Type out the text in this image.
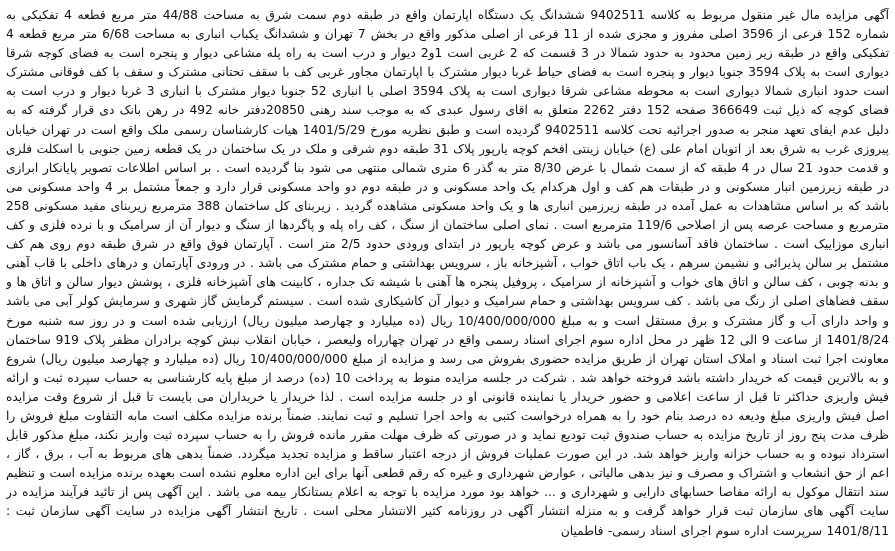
آگهی مزایده مال غیر منقول مربوط به کلاسه 9402511 ششدانگ یک دستگاه اپارتمان واقع در طبقه دوم سمت شرق به مساحت 44/88 متر مربع قطعه 4 تفکیکی به شماره 152 فرعی از 3596 اصلی مفروز و مجزی شده از 11 فرعی از اصلی مذکور واقع در بخش 7 تهران و ششدانگ یکباب انباری به مساحت 6/68 متر مربع قطعه 4 تفکیکی واقع در طبقه زیر زمین محدود به حدود شمالا در 3 قسمت که 2 غربی است 1و2 دیوار و درب است به راه پله مشاعی دیوار و پنجره است به فضای کوچه شرقا دیواری است به پلاک 3594 جنوبا دیوار و پنجره است به فضای حیاط غربا دیوار مشترک با اپارتمان مجاور غربی کف با سقف تحتانی مشترک و سقف با کف فوقانی مشترک است حدود انباری شمالا دیواری است به محوطه مشاعی شرقا دیواری است به پلاک 3594 اصلی با انباری 52 جنوبا دیوار مشترک با انباری 3 غربا دیوار و درب است به فضای کوچه که ذیل ثبت 366649 صفحه 152 دفتر 2262 متعلق به اقای رسول عبدی که به موجب سند رهنی 20850دفتر خانه 492 در رهن بانک دی قرار گرفته که به دلیل عدم ایفای تعهد منجر به صدور اجرائیه تحت کلاسه 9402511 گردیده است و طبق نظریه مورخ 1401/5/29 هیات کارشناسان رسمی ملک واقع است در تهران خیابان پیروزی غرب به شرق بعد از اتوبان امام علی (ع) خیابان زینتی افخم کوچه یارپور پلاک 31 طبقه دوم شرقی و ملک در یک ساختمان در یک قطعه زمین جنوبی با اسکلت فلزی و قدمت حدود 21 سال در 4 طبقه که از سمت شمال با عرض 8/30 متر به گذر 6 متری شمالی منتهی می شود بنا گردیده است . بر اساس اطلاعات تصویر پایانکار ابرازی در طبقه زیرزمین انبار مسکونی و در طبقات هم کف و اول هرکدام یک واحد مسکونی و در طبقه دوم دو واحد مسکونی قرار دارد و جمعاً مشتمل بر 4 واحد مسکونی می باشد که بر اساس مشاهدات به عمل آمده در طبقه زیرزمین انباری ها و یک واحد مسکونی مشاهده گردید . زیربنای کل ساختمان 388 مترمربع زیربنای مفید مسکونی 258 مترمربع و مساحت عرصه پس از اصلاحی 119/6 مترمربع است . نمای اصلی ساختمان از سنگ ، کف راه پله و پاگردها از سنگ و دیوار آن از سرامیک و با نرده فلزی و کف انباری موزاییک است . ساختمان فاقد آسانسور می باشد و عرض کوچه یارپور در ابتدای ورودی حدود 2/5 متر است . آپارتمان فوق واقع در شرق طبقه دوم روی هم کف مشتمل بر سالن پذیرائی و نشیمن سرهم ، یک باب اتاق خواب ، آشپزخانه باز ، سرویس بهداشتی و حمام مشترک می باشد . در ورودی آپارتمان و درهای داخلی با قاب آهنی و بدنه چوبی ، کف سالن و اتاق های خواب و آشپزخانه از سرامیک ، پروفیل پنجره ها آهنی با شیشه تک جداره ، کابینت های آشپزخانه فلزی ، پوشش دیوار سالن و اتاق ها و سقف فضاهای اصلی از رنگ می باشد . کف سرویس بهداشتی و حمام سرامیک و دیوار آن کاشیکاری شده است . سیستم گرمایش گاز شهری و سرمایش کولر آبی می باشد و واحد دارای آب و گاز مشترک و برق مستقل است و به مبلغ 10/400/000/000 ریال (ده میلیارد و چهارصد میلیون ریال) ارزیابی شده است و در روز سه شنبه مورخ 1401/8/24 از ساعت 9 الی 12 ظهر در محل اداره سوم اجرای اسناد رسمی واقع در تهران چهارراه ولیعصر ، خیابان انقلاب نبش کوچه برادران مظفر پلاک 919 ساختمان معاونت اجرا ثبت اسناد و املاک استان تهران از طریق مزایده حضوری بفروش می رسد و مزایده از مبلغ 10/400/000/000 ریال (ده میلیارد و چهارصد میلیون ریال) شروع و به بالاترین قیمت که خریدار داشته باشد فروخته خواهد شد . شرکت در جلسه مزایده منوط به پرداخت 10 (ده) درصد از مبلغ پایه کارشناسی به حساب سپرده ثبت و ارائه فیش واریزی حداکثر تا قبل از ساعت اعلامی و حضور خریدار یا نماینده قانونی او در جلسه مزایده است . لذا خریدار یا خریداران می بایست تا قبل از شروع وقت مزایده اصل فیش واریزی مبلغ ودیعه ده درصد بنام خود را به همراه درخواست کتبی به واحد اجرا تسلیم و ثبت نمایند. ضمناً برنده مزایده مکلف است مابه التفاوت مبلغ فروش را ظرف مدت پنج روز از تاریخ مزایده به حساب صندوق ثبت تودیع نماید و در صورتی که ظرف مهلت مقرر مانده فروش را به حساب سپرده ثبت واریز نکند، مبلغ مذکور قابل استرداد نبوده و به حساب خزانه واریز خواهد شد. در این صورت عملیات فروش از درجه اعتبار ساقط و مزایده تجدید میگردد. ضمناً بدهی های مربوط به آب ، برق ، گاز ، اعم از حق انشعاب و اشتراک و مصرف و نیز بدهی مالیاتی ، عوارض شهرداری و غیره که رقم قطعی آنها برای این اداره معلوم نشده است بعهده برنده مزایده است و تنظیم سند انتقال موکول به ارائه مفاصا حسابهای دارایی و شهرداری و ... خواهد بود مورد مزایده با توجه به اعلام بستانکار بیمه می باشد . این آگهی پس از تائید فرآیند مزایده در سایت آگهی های سازمان ثبت قرار خواهد گرفت و به منزله انتشار آگهی در روزنامه کثیر الانتشار محلی است . تاریخ انتشار آگهی مزایده در سایت آگهی سازمان ثبت : 1401/8/11 سرپرست اداره سوم اجرای اسناد رسمی- فاطمیان
